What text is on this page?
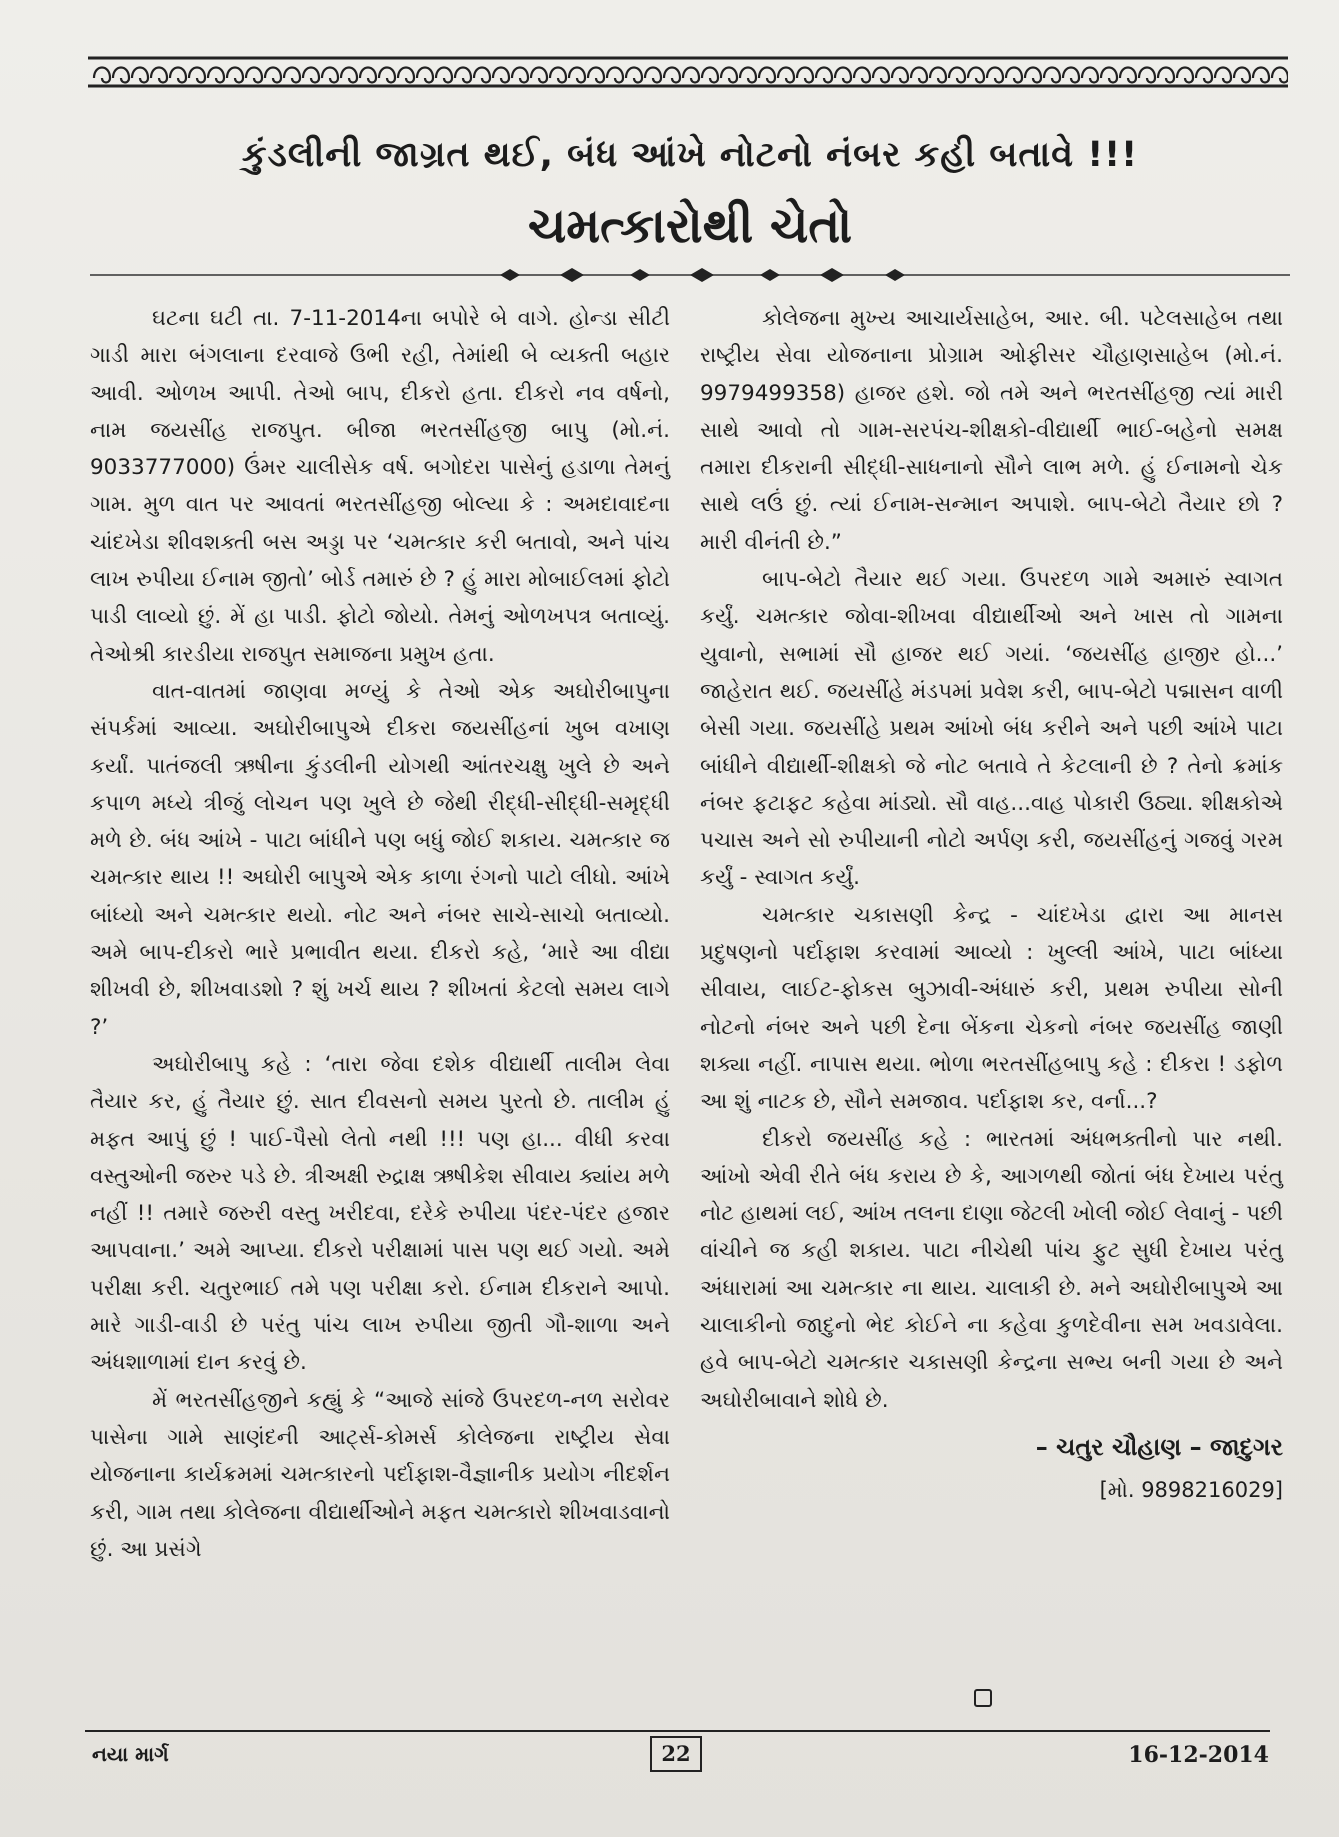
કુંડલીની જાગ્રત થઈ, બંધ આંખે નોટનો નંબર કહી બતાવે !!!
ચમત્કારોથી ચેતો

ઘટના ઘટી તા. 7-11-2014ના બપોરે બે વાગે. હોન્ડા સીટી ગાડી મારા બંગલાના દરવાજે ઉભી રહી, તેમાંથી બે વ્યક્તી બહાર આવી. ઓળખ આપી. તેઓ બાપ, દીકરો હતા. દીકરો નવ વર્ષનો, નામ જયસીંહ રાજપુત. બીજા ભરતસીંહજી બાપુ (મો.નં. 9033777000) ઉંમર ચાલીસેક વર્ષ. બગોદરા પાસેનું હડાળા તેમનું ગામ. મુળ વાત પર આવતાં ભરતસીંહજી બોલ્યા કે : અમદાવાદના ચાંદખેડા શીવશક્તી બસ અડ્ડા પર ‘ચમત્કાર કરી બતાવો, અને પાંચ લાખ રુપીયા ઈનામ જીતો’ બોર્ડ તમારું છે ? હું મારા મોબાઈલમાં ફોટો પાડી લાવ્યો છું. મેં હા પાડી. ફોટો જોયો. તેમનું ઓળખપત્ર બતાવ્યું. તેઓશ્રી કારડીયા રાજપુત સમાજના પ્રમુખ હતા.

વાત-વાતમાં જાણવા મળ્યું કે તેઓ એક અઘોરીબાપુના સંપર્કમાં આવ્યા. અઘોરીબાપુએ દીકરા જયસીંહનાં ખુબ વખાણ કર્યાં. પાતંજલી ઋષીના કુંડલીની યોગથી આંતરચક્ષુ ખુલે છે અને કપાળ મધ્યે ત્રીજું લોચન પણ ખુલે છે જેથી રીદ્ધી-સીદ્ધી-સમૃદ્ધી મળે છે. બંધ આંખે - પાટા બાંધીને પણ બધું જોઈ શકાય. ચમત્કાર જ ચમત્કાર થાય !! અઘોરી બાપુએ એક કાળા રંગનો પાટો લીધો. આંખે બાંધ્યો અને ચમત્કાર થયો. નોટ અને નંબર સાચે-સાચો બતાવ્યો. અમે બાપ-દીકરો ભારે પ્રભાવીત થયા. દીકરો કહે, ‘મારે આ વીદ્યા શીખવી છે, શીખવાડશો ? શું ખર્ચ થાય ? શીખતાં કેટલો સમય લાગે ?’

અઘોરીબાપુ કહે : ‘તારા જેવા દશેક વીદ્યાર્થી તાલીમ લેવા તૈયાર કર, હું તૈયાર છું. સાત દીવસનો સમય પુરતો છે. તાલીમ હું મફત આપું છું ! પાઈ-પૈસો લેતો નથી !!! પણ હા... વીધી કરવા વસ્તુઓની જરુર પડે છે. ત્રીઅક્ષી રુદ્રાક્ષ ઋષીકેશ સીવાય ક્યાંય મળે નહીં !! તમારે જરુરી વસ્તુ ખરીદવા, દરેકે રુપીયા પંદર-પંદર હજાર આપવાના.’ અમે આપ્યા. દીકરો પરીક્ષામાં પાસ પણ થઈ ગયો. અમે પરીક્ષા કરી. ચતુરભાઈ તમે પણ પરીક્ષા કરો. ઈનામ દીકરાને આપો. મારે ગાડી-વાડી છે પરંતુ પાંચ લાખ રુપીયા જીતી ગૌ-શાળા અને અંધશાળામાં દાન કરવું છે.

મેં ભરતસીંહજીને કહ્યું કે “આજે સાંજે ઉપરદળ-નળ સરોવર પાસેના ગામે સાણંદની આર્ટ્સ-કોમર્સ કોલેજના રાષ્ટ્રીય સેવા યોજનાના કાર્યક્રમમાં ચમત્કારનો પર્દાફાશ-વૈજ્ઞાનીક પ્રયોગ નીદર્શન કરી, ગામ તથા કોલેજના વીદ્યાર્થીઓને મફત ચમત્કારો શીખવાડવાનો છું. આ પ્રસંગે

કોલેજના મુખ્ય આચાર્યસાહેબ, આર. બી. પટેલસાહેબ તથા રાષ્ટ્રીય સેવા યોજનાના પ્રોગ્રામ ઓફીસર ચૌહાણસાહેબ (મો.નં. 9979499358) હાજર હશે. જો તમે અને ભરતસીંહજી ત્યાં મારી સાથે આવો તો ગામ-સરપંચ-શીક્ષકો-વીદ્યાર્થી ભાઈ-બહેનો સમક્ષ તમારા દીકરાની સીદ્ધી-સાધનાનો સૌને લાભ મળે. હું ઈનામનો ચેક સાથે લઉં છું. ત્યાં ઈનામ-સન્માન અપાશે. બાપ-બેટો તૈયાર છો ? મારી વીનંતી છે.”

બાપ-બેટો તૈયાર થઈ ગયા. ઉપરદળ ગામે અમારું સ્વાગત કર્યું. ચમત્કાર જોવા-શીખવા વીદ્યાર્થીઓ અને ખાસ તો ગામના યુવાનો, સભામાં સૌ હાજર થઈ ગયાં. ‘જયસીંહ હાજીર હો...’ જાહેરાત થઈ. જયસીંહે મંડપમાં પ્રવેશ કરી, બાપ-બેટો પદ્માસન વાળી બેસી ગયા. જયસીંહે પ્રથમ આંખો બંધ કરીને અને પછી આંખે પાટા બાંધીને વીદ્યાર્થી-શીક્ષકો જે નોટ બતાવે તે કેટલાની છે ? તેનો ક્રમાંક નંબર ફટાફટ કહેવા માંડ્યો. સૌ વાહ...વાહ પોકારી ઉઠ્યા. શીક્ષકોએ પચાસ અને સો રુપીયાની નોટો અર્પણ કરી, જયસીંહનું ગજવું ગરમ કર્યું - સ્વાગત કર્યું.

ચમત્કાર ચકાસણી કેન્દ્ર - ચાંદખેડા દ્વારા આ માનસ પ્રદુષણનો પર્દાફાશ કરવામાં આવ્યો : ખુલ્લી આંખે, પાટા બાંધ્યા સીવાય, લાઈટ-ફોકસ બુઝાવી-અંધારું કરી, પ્રથમ રુપીયા સોની નોટનો નંબર અને પછી દેના બેંકના ચેકનો નંબર જયસીંહ જાણી શક્યા નહીં. નાપાસ થયા. ભોળા ભરતસીંહબાપુ કહે : દીકરા ! ડફોળ આ શું નાટક છે, સૌને સમજાવ. પર્દાફાશ કર, વર્ના...?

દીકરો જયસીંહ કહે : ભારતમાં અંધભક્તીનો પાર નથી. આંખો એવી રીતે બંધ કરાય છે કે, આગળથી જોતાં બંધ દેખાય પરંતુ નોટ હાથમાં લઈ, આંખ તલના દાણા જેટલી ખોલી જોઈ લેવાનું - પછી વાંચીને જ કહી શકાય. પાટા નીચેથી પાંચ ફુટ સુધી દેખાય પરંતુ અંધારામાં આ ચમત્કાર ના થાય. ચાલાકી છે. મને અઘોરીબાપુએ આ ચાલાકીનો જાદુનો ભેદ કોઈને ના કહેવા કુળદેવીના સમ ખવડાવેલા. હવે બાપ-બેટો ચમત્કાર ચકાસણી કેન્દ્રના સભ્ય બની ગયા છે અને અઘોરીબાવાને શોધે છે.

– ચતુર ચૌહાણ – જાદુગર
[મો. 9898216029]
નયા માર્ગ	22	16-12-2014
